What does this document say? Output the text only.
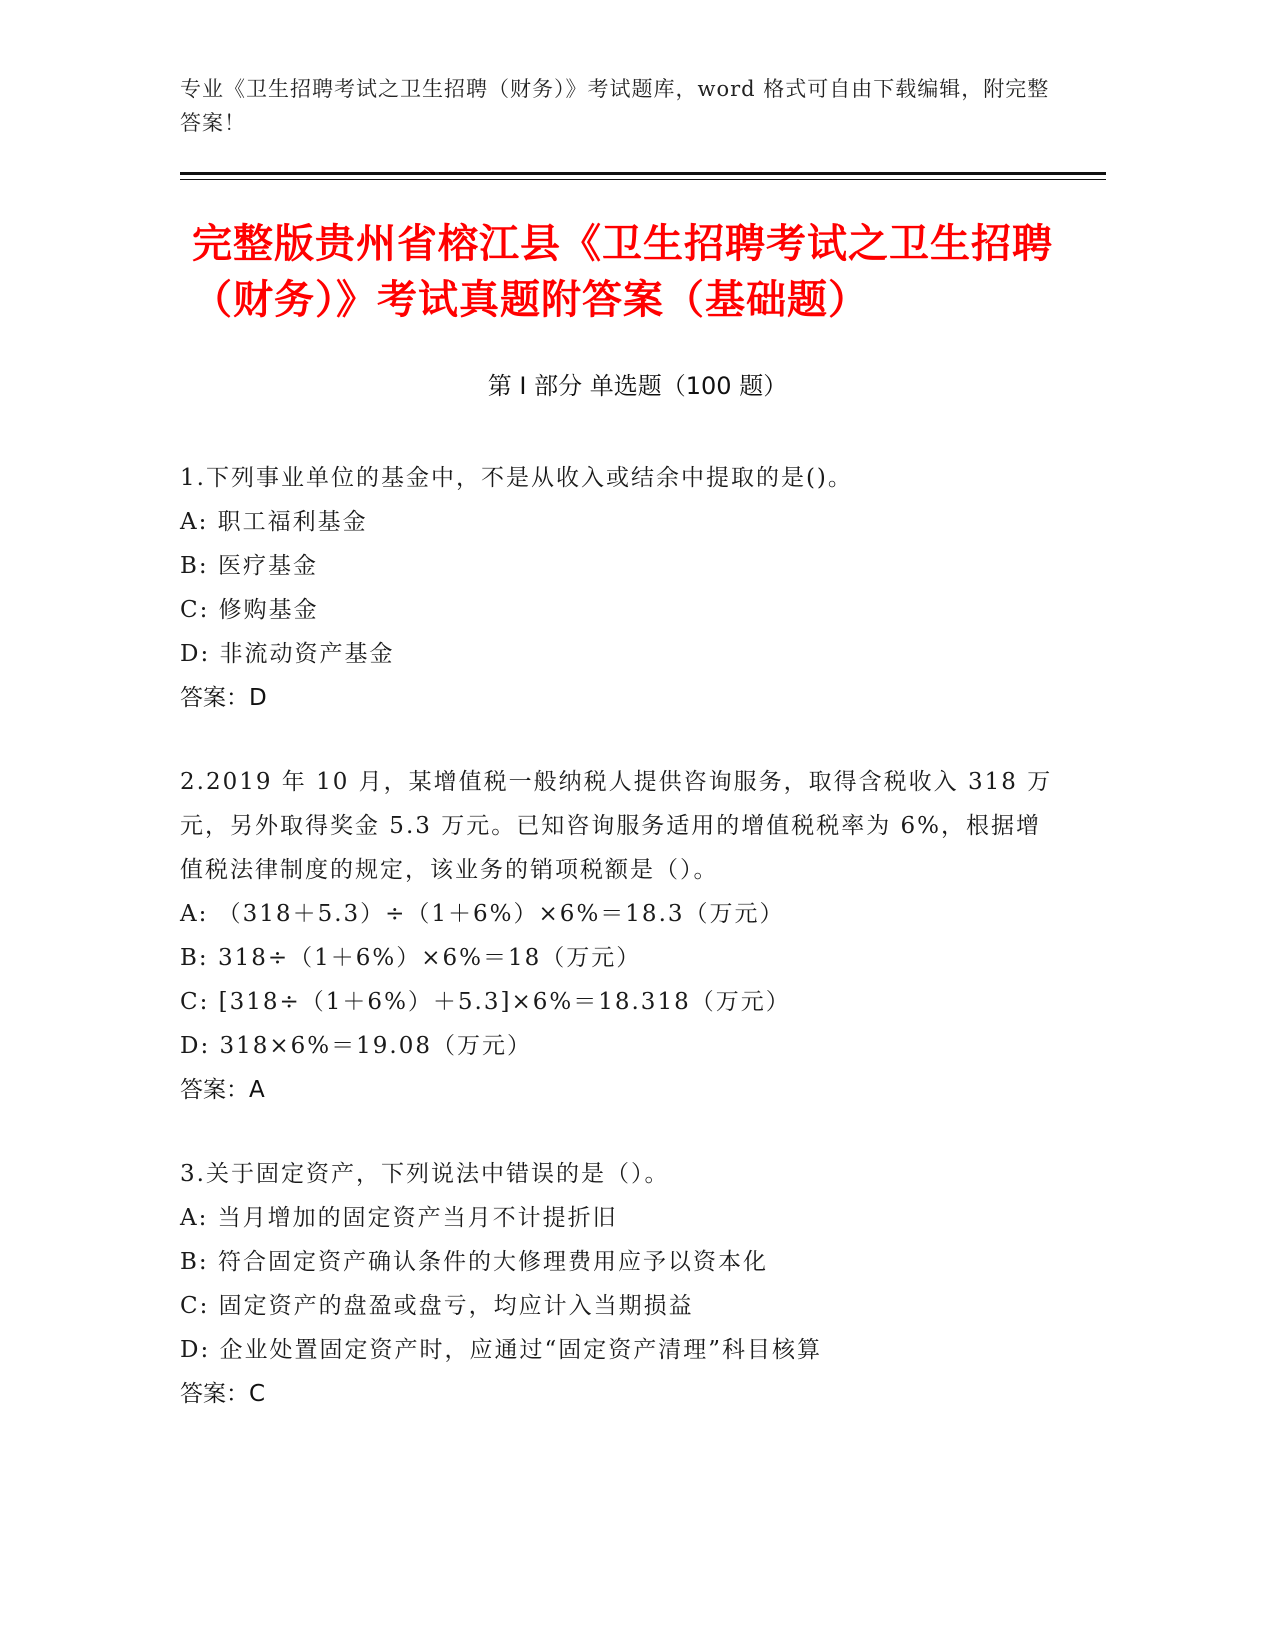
专业《卫生招聘考试之卫生招聘（财务）》考试题库，word 格式可自由下载编辑，附完整答案！
完整版贵州省榕江县《卫生招聘考试之卫生招聘（财务）》考试真题附答案（基础题）
第 I 部分 单选题（100 题）
1.下列事业单位的基金中，不是从收入或结余中提取的是()。
A: 职工福利基金
B: 医疗基金
C: 修购基金
D: 非流动资产基金
答案：D
2.2019 年 10 月，某增值税一般纳税人提供咨询服务，取得含税收入 318 万元，另外取得奖金 5.3 万元。已知咨询服务适用的增值税税率为 6%，根据增值税法律制度的规定，该业务的销项税额是（）。
A: （318＋5.3）÷（1＋6%）×6%＝18.3（万元）
B: 318÷（1＋6%）×6%＝18（万元）
C: [318÷（1＋6%）＋5.3]×6%＝18.318（万元）
D: 318×6%＝19.08（万元）
答案：A
3.关于固定资产，下列说法中错误的是（）。
A: 当月增加的固定资产当月不计提折旧
B: 符合固定资产确认条件的大修理费用应予以资本化
C: 固定资产的盘盈或盘亏，均应计入当期损益
D: 企业处置固定资产时，应通过“固定资产清理”科目核算
答案：C
